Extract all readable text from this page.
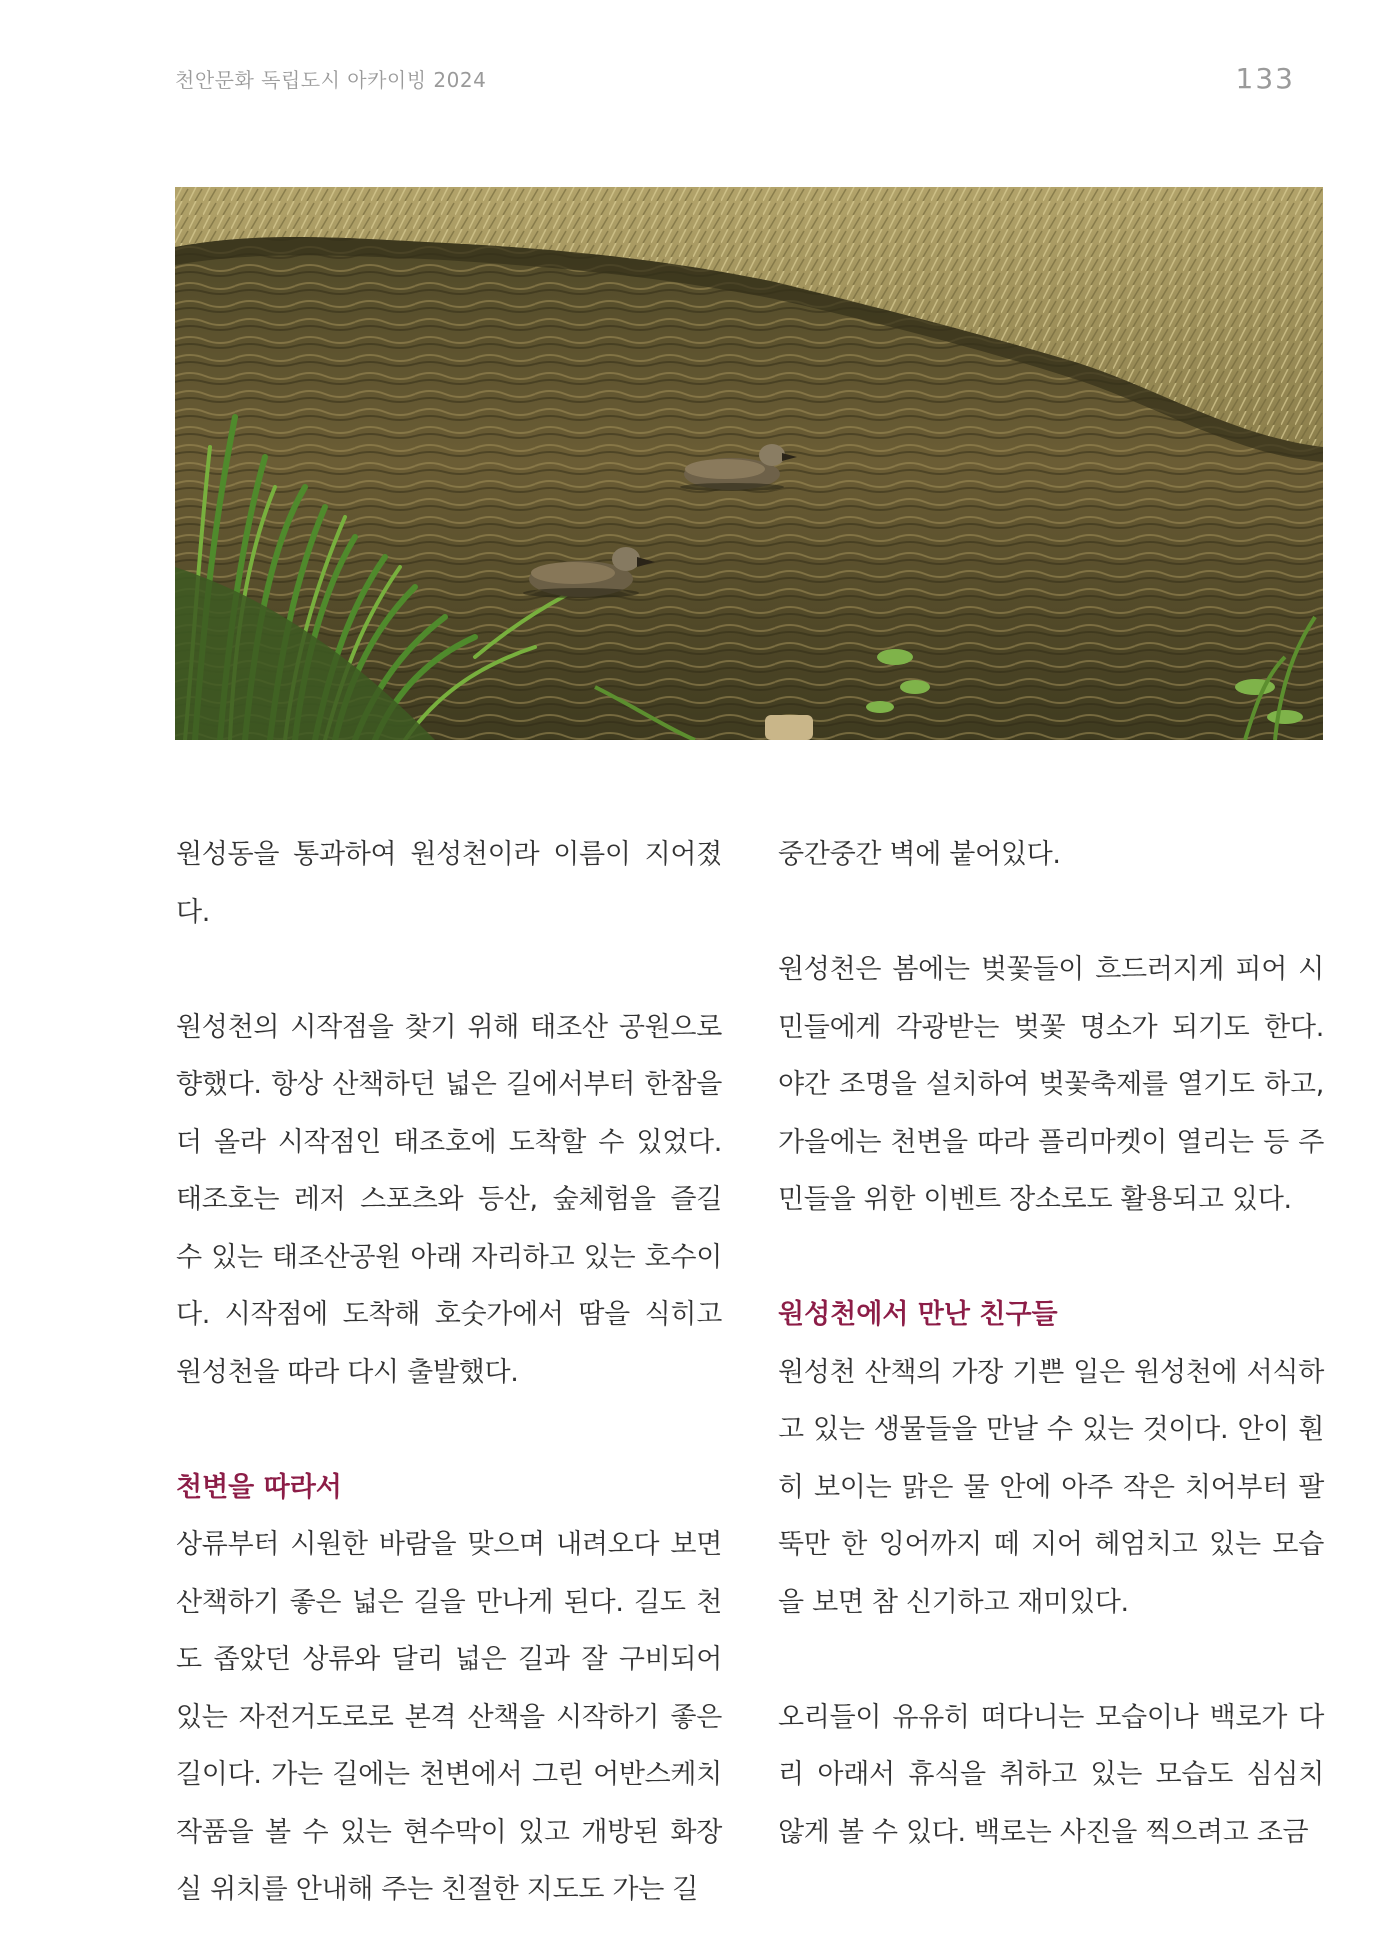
천안문화 독립도시 아카이빙 2024	133

원성동을 통과하여 원성천이라 이름이 지어졌다.

원성천의 시작점을 찾기 위해 태조산 공원으로 향했다. 항상 산책하던 넓은 길에서부터 한참을 더 올라 시작점인 태조호에 도착할 수 있었다. 태조호는 레저 스포츠와 등산, 숲체험을 즐길 수 있는 태조산공원 아래 자리하고 있는 호수이다. 시작점에 도착해 호숫가에서 땀을 식히고 원성천을 따라 다시 출발했다.

천변을 따라서

상류부터 시원한 바람을 맞으며 내려오다 보면 산책하기 좋은 넓은 길을 만나게 된다. 길도 천도 좁았던 상류와 달리 넓은 길과 잘 구비되어 있는 자전거도로로 본격 산책을 시작하기 좋은 길이다. 가는 길에는 천변에서 그린 어반스케치 작품을 볼 수 있는 현수막이 있고 개방된 화장실 위치를 안내해 주는 친절한 지도도 가는 길

중간중간 벽에 붙어있다.

원성천은 봄에는 벚꽃들이 흐드러지게 피어 시민들에게 각광받는 벚꽃 명소가 되기도 한다. 야간 조명을 설치하여 벚꽃축제를 열기도 하고, 가을에는 천변을 따라 플리마켓이 열리는 등 주민들을 위한 이벤트 장소로도 활용되고 있다.

원성천에서 만난 친구들

원성천 산책의 가장 기쁜 일은 원성천에 서식하고 있는 생물들을 만날 수 있는 것이다. 안이 훤히 보이는 맑은 물 안에 아주 작은 치어부터 팔뚝만 한 잉어까지 떼 지어 헤엄치고 있는 모습을 보면 참 신기하고 재미있다.

오리들이 유유히 떠다니는 모습이나 백로가 다리 아래서 휴식을 취하고 있는 모습도 심심치 않게 볼 수 있다. 백로는 사진을 찍으려고 조금
